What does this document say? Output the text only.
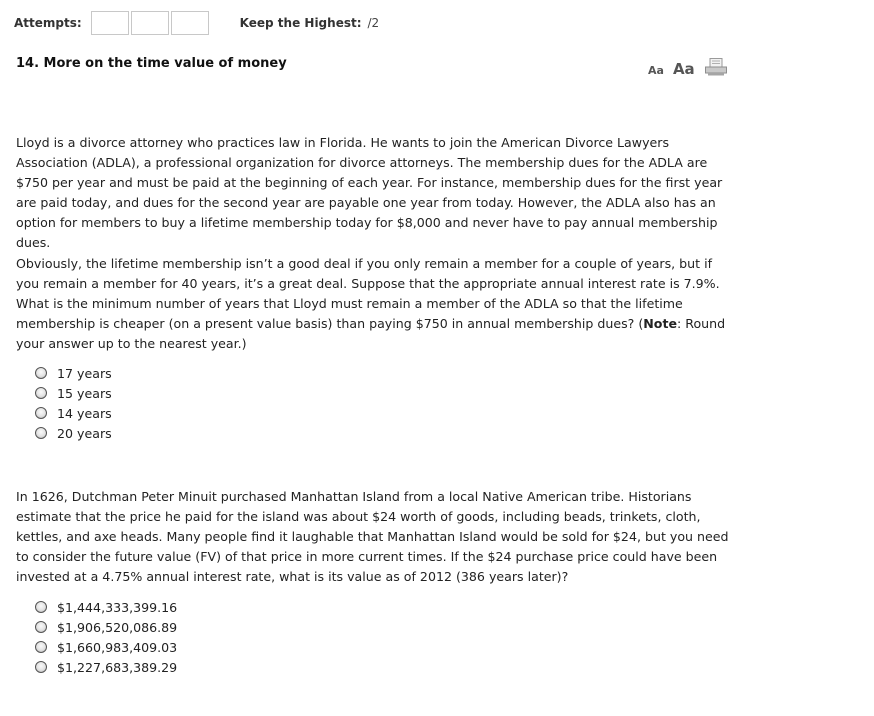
Attempts:	Keep the Highest: /2
14. More on the time value of money	Aa Aa
Lloyd is a divorce attorney who practices law in Florida. He wants to join the American Divorce Lawyers Association (ADLA), a professional organization for divorce attorneys. The membership dues for the ADLA are $750 per year and must be paid at the beginning of each year. For instance, membership dues for the first year are paid today, and dues for the second year are payable one year from today. However, the ADLA also has an option for members to buy a lifetime membership today for $8,000 and never have to pay annual membership dues.
Obviously, the lifetime membership isn’t a good deal if you only remain a member for a couple of years, but if you remain a member for 40 years, it’s a great deal. Suppose that the appropriate annual interest rate is 7.9%. What is the minimum number of years that Lloyd must remain a member of the ADLA so that the lifetime membership is cheaper (on a present value basis) than paying $750 in annual membership dues? (Note: Round your answer up to the nearest year.)
17 years
15 years
14 years
20 years
In 1626, Dutchman Peter Minuit purchased Manhattan Island from a local Native American tribe. Historians estimate that the price he paid for the island was about $24 worth of goods, including beads, trinkets, cloth, kettles, and axe heads. Many people find it laughable that Manhattan Island would be sold for $24, but you need to consider the future value (FV) of that price in more current times. If the $24 purchase price could have been invested at a 4.75% annual interest rate, what is its value as of 2012 (386 years later)?
$1,444,333,399.16
$1,906,520,086.89
$1,660,983,409.03
$1,227,683,389.29
